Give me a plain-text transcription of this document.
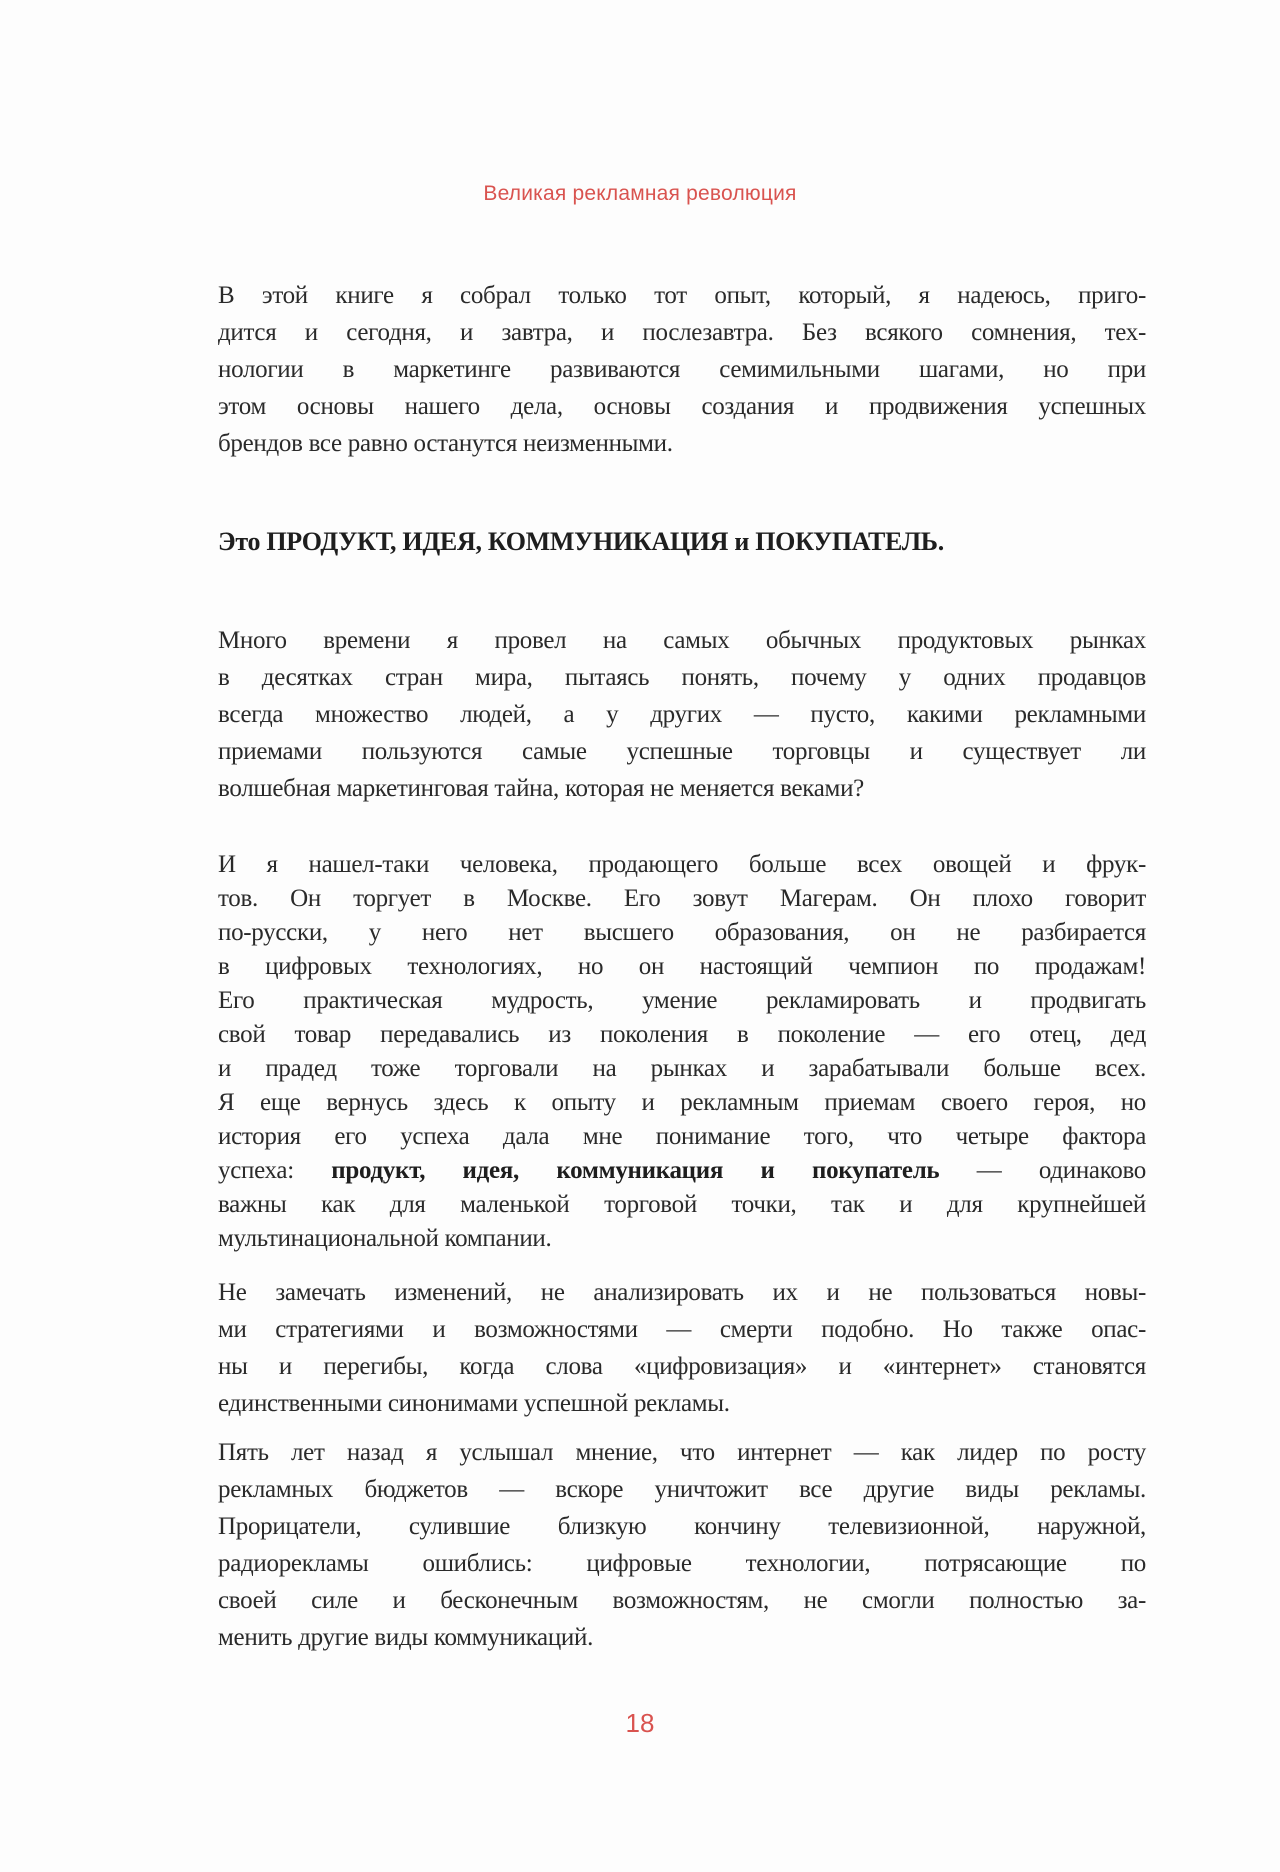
Великая рекламная революция
В этой книге я собрал только тот опыт, который, я надеюсь, приго-
дится и сегодня, и завтра, и послезавтра. Без всякого сомнения, тех-
нологии в маркетинге развиваются семимильными шагами, но при
этом основы нашего дела, основы создания и продвижения успешных
брендов все равно останутся неизменными.
Это ПРОДУКТ, ИДЕЯ, КОММУНИКАЦИЯ и ПОКУПАТЕЛЬ.
Много времени я провел на самых обычных продуктовых рынках
в десятках стран мира, пытаясь понять, почему у одних продавцов
всегда множество людей, а у других — пусто, какими рекламными
приемами пользуются самые успешные торговцы и существует ли
волшебная маркетинговая тайна, которая не меняется веками?
И я нашел-таки человека, продающего больше всех овощей и фрук-
тов. Он торгует в Москве. Его зовут Магерам. Он плохо говорит
по-русски, у него нет высшего образования, он не разбирается
в цифровых технологиях, но он настоящий чемпион по продажам!
Его практическая мудрость, умение рекламировать и продвигать
свой товар передавались из поколения в поколение — его отец, дед
и прадед тоже торговали на рынках и зарабатывали больше всех.
Я еще вернусь здесь к опыту и рекламным приемам своего героя, но
история его успеха дала мне понимание того, что четыре фактора
успеха: продукт, идея, коммуникация и покупатель — одинаково
важны как для маленькой торговой точки, так и для крупнейшей
мультинациональной компании.
Не замечать изменений, не анализировать их и не пользоваться новы-
ми стратегиями и возможностями — смерти подобно. Но также опас-
ны и перегибы, когда слова «цифровизация» и «интернет» становятся
единственными синонимами успешной рекламы.
Пять лет назад я услышал мнение, что интернет — как лидер по росту
рекламных бюджетов — вскоре уничтожит все другие виды рекламы.
Прорицатели, сулившие близкую кончину телевизионной, наружной,
радиорекламы ошиблись: цифровые технологии, потрясающие по
своей силе и бесконечным возможностям, не смогли полностью за-
менить другие виды коммуникаций.
18
